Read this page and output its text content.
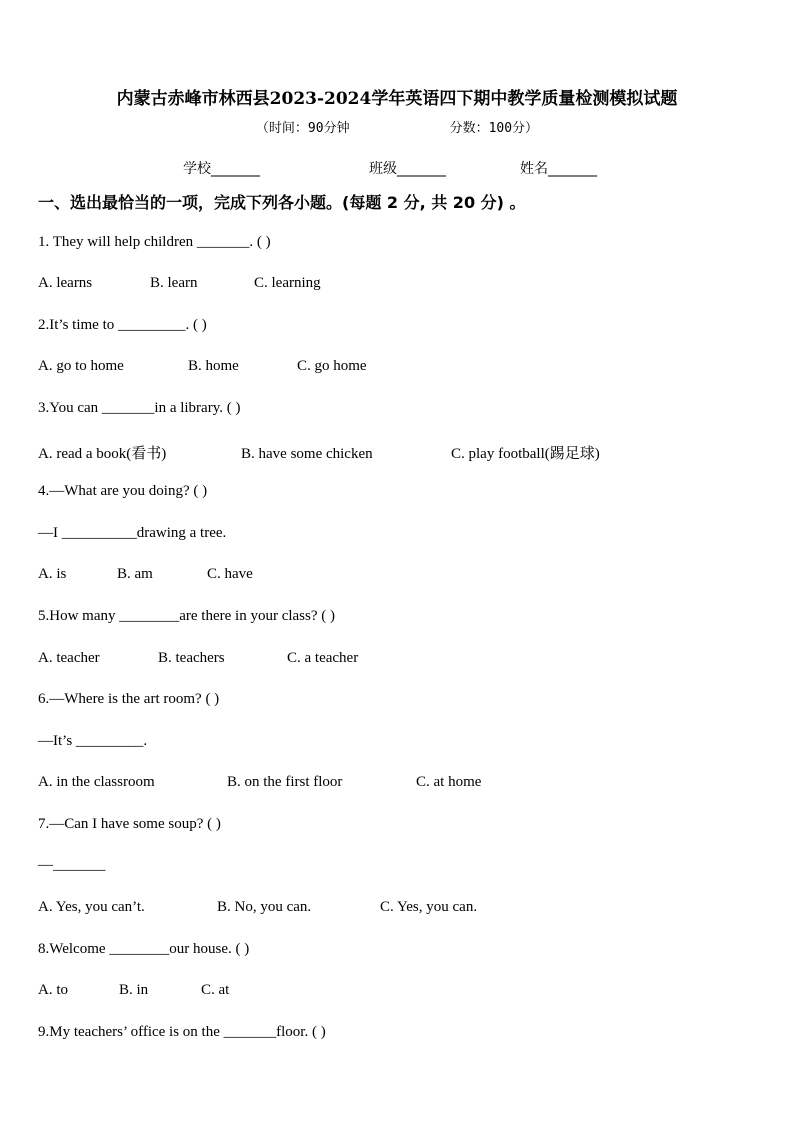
内蒙古赤峰市林西县2023-2024学年英语四下期中教学质量检测模拟试题
（时间：90分钟	分数：100分）
学校_______	班级_______	姓名_______
一、选出最恰当的一项，完成下列各小题。(每题 2 分, 共 20 分) 。
1. They will help children _______. ( )
A. learns	B. learn	C. learning
2.It’s time to _________. ( )
A. go to home	B. home	C. go home
3.You can _______in a library. ( )
A. read a book(看书)	B. have some chicken	C. play football(踢足球)
4.—What are you doing? ( )
—I __________drawing a tree.
A. is	B. am	C. have
5.How many ________are there in your class? ( )
A. teacher	B. teachers	C. a teacher
6.—Where is the art room? ( )
—It’s _________.
A. in the classroom	B. on the first floor	C. at home
7.—Can I have some soup? ( )
—_______
A. Yes, you can’t.	B. No, you can.	C. Yes, you can.
8.Welcome ________our house. ( )
A. to	B. in	C. at
9.My teachers’ office is on the _______floor. ( )
